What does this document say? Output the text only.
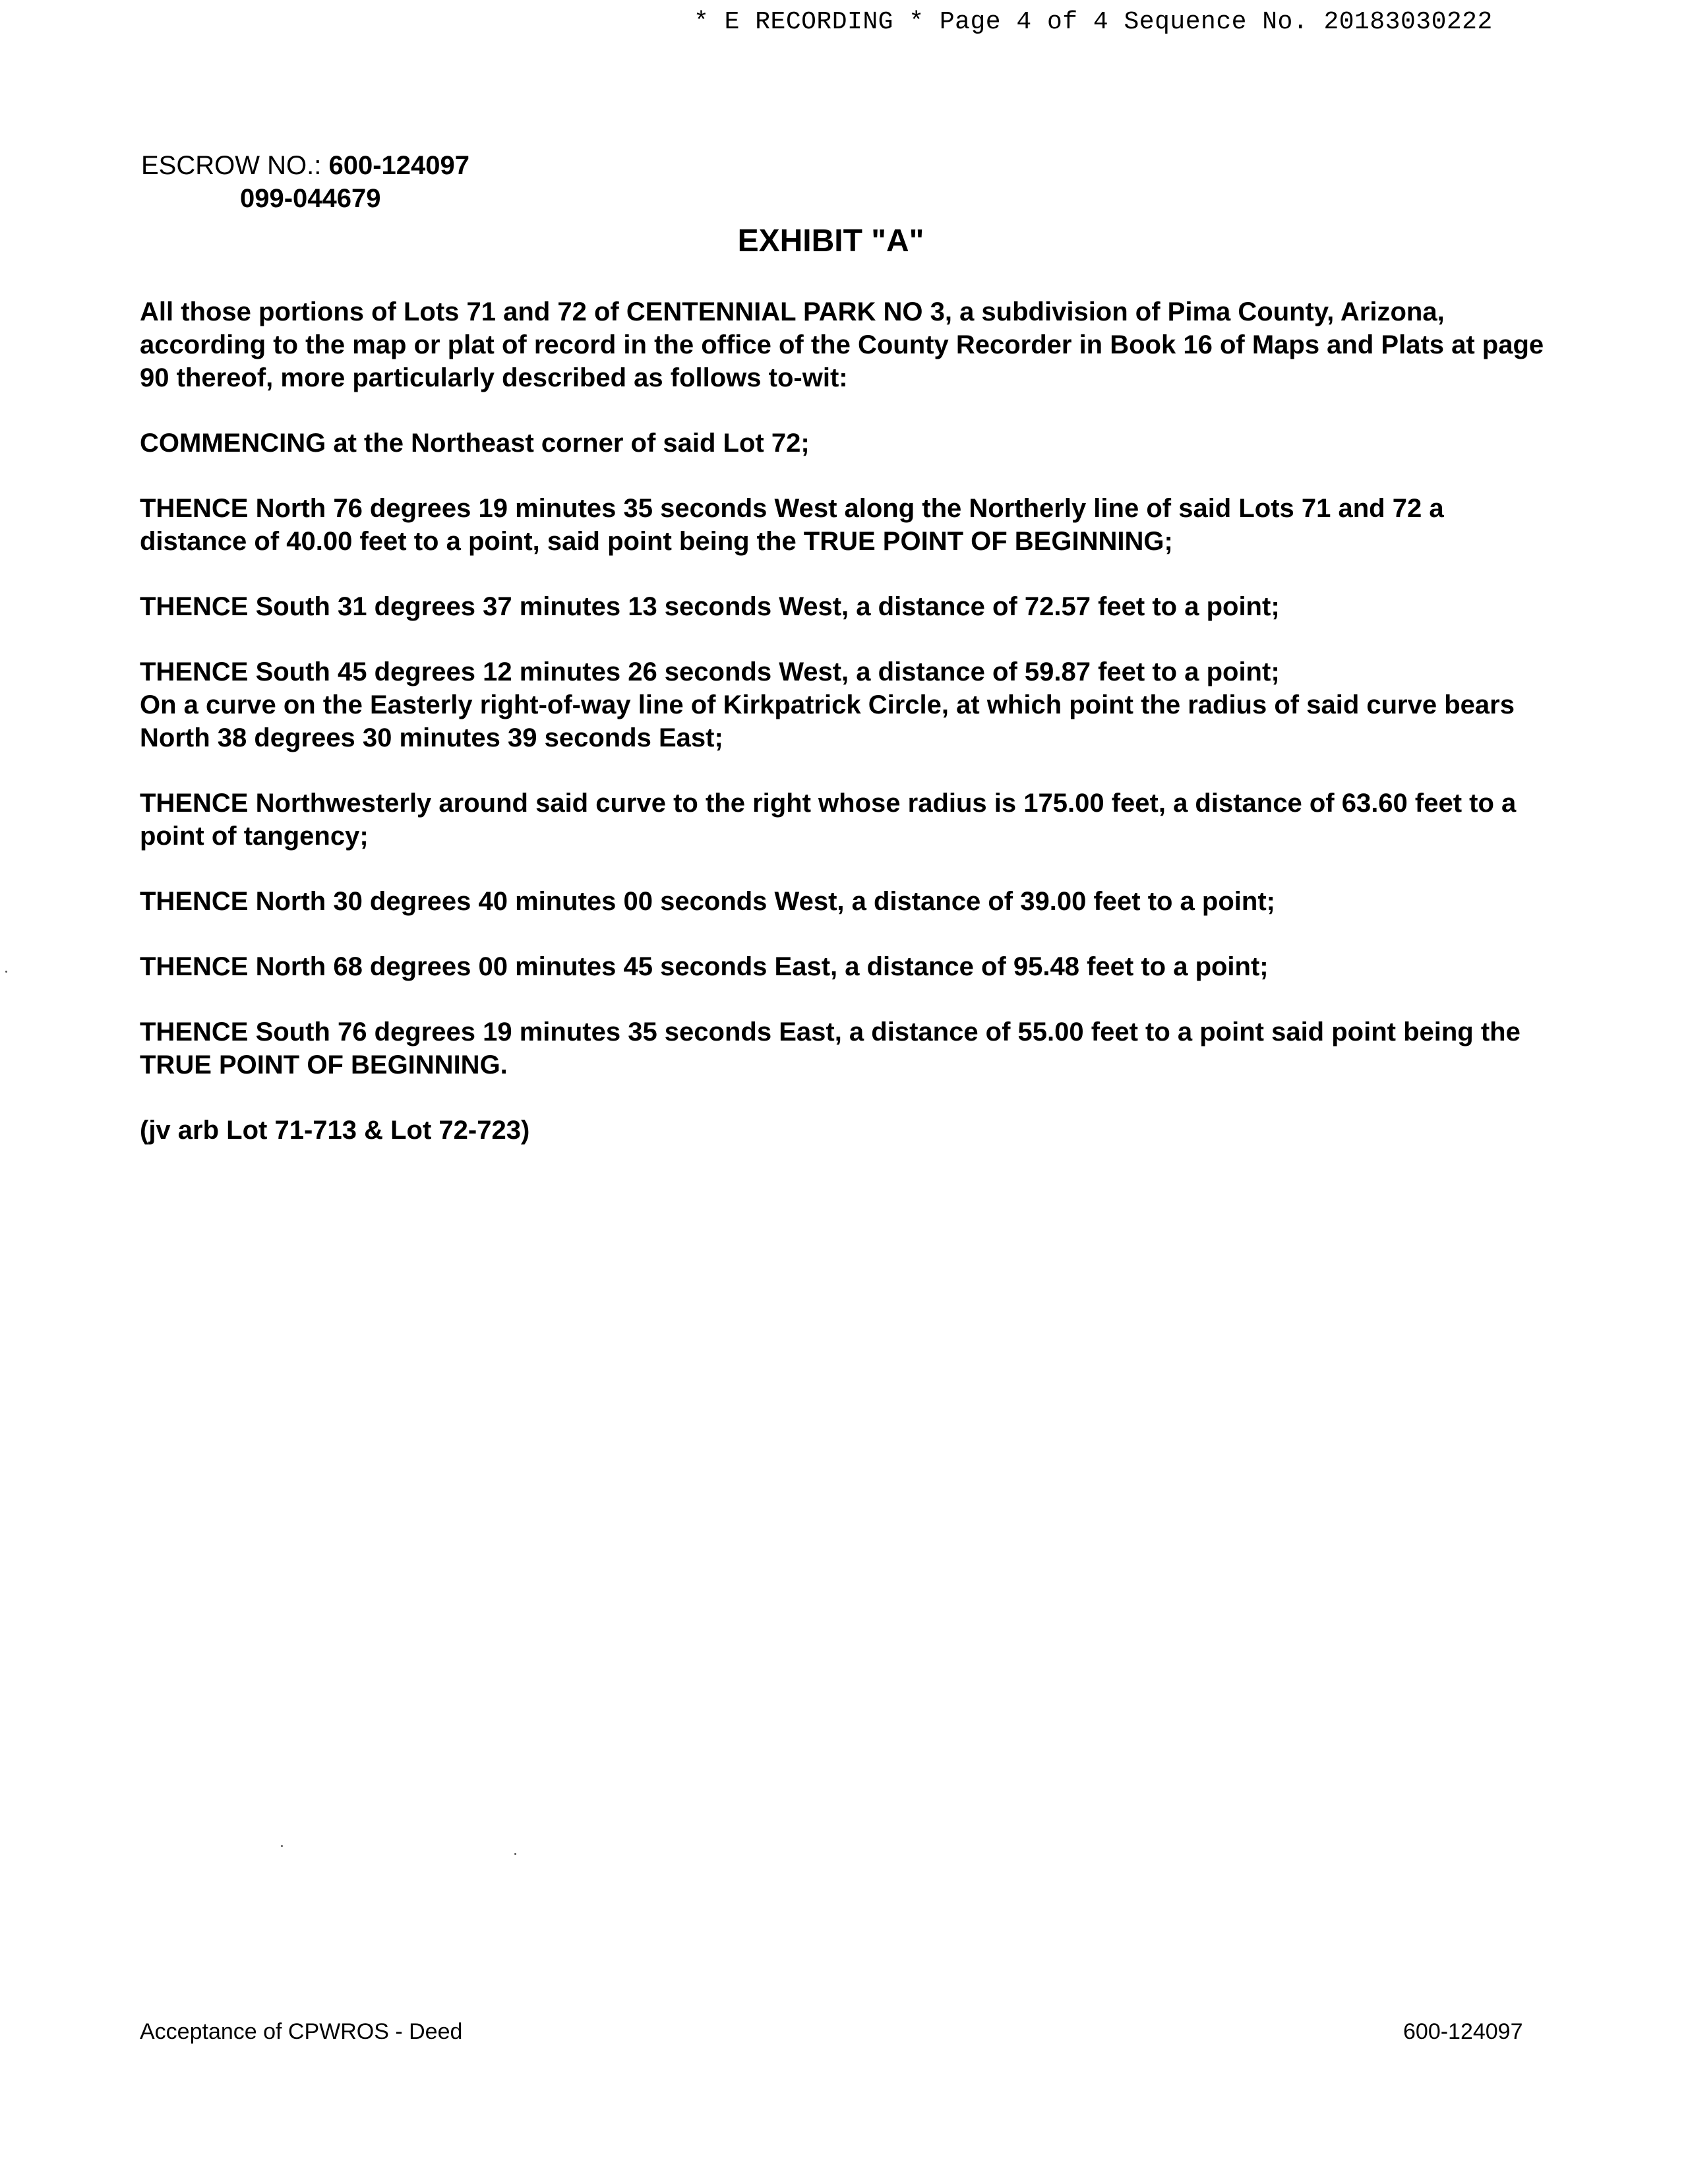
* E RECORDING * Page 4 of 4 Sequence No. 20183030222
ESCROW NO.: 600-124097
099-044679
EXHIBIT "A"

All those portions of Lots 71 and 72 of CENTENNIAL PARK NO 3, a subdivision of Pima County, Arizona, according to the map or plat of record in the office of the County Recorder in Book 16 of Maps and Plats at page 90 thereof, more particularly described as follows to-wit:

COMMENCING at the Northeast corner of said Lot 72;

THENCE North 76 degrees 19 minutes 35 seconds West along the Northerly line of said Lots 71 and 72 a distance of 40.00 feet to a point, said point being the TRUE POINT OF BEGINNING;

THENCE South 31 degrees 37 minutes 13 seconds West, a distance of 72.57 feet to a point;

THENCE South 45 degrees 12 minutes 26 seconds West, a distance of 59.87 feet to a point;

On a curve on the Easterly right-of-way line of Kirkpatrick Circle, at which point the radius of said curve bears North 38 degrees 30 minutes 39 seconds East;

THENCE Northwesterly around said curve to the right whose radius is 175.00 feet, a distance of 63.60 feet to a point of tangency;

THENCE North 30 degrees 40 minutes 00 seconds West, a distance of 39.00 feet to a point;

THENCE North 68 degrees 00 minutes 45 seconds East, a distance of 95.48 feet to a point;

THENCE South 76 degrees 19 minutes 35 seconds East, a distance of 55.00 feet to a point said point being the TRUE POINT OF BEGINNING.

(jv arb Lot 71-713 & Lot 72-723)

Acceptance of CPWROS - Deed	600-124097
